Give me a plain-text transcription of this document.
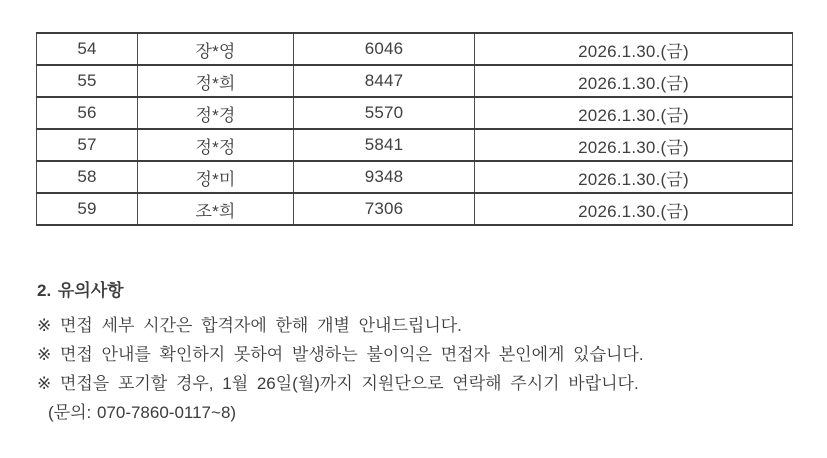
54	장*영	6046	2026.1.30.(금)
55	정*희	8447	2026.1.30.(금)
56	정*경	5570	2026.1.30.(금)
57	정*정	5841	2026.1.30.(금)
58	정*미	9348	2026.1.30.(금)
59	조*희	7306	2026.1.30.(금)
2. 유의사항
※ 면접 세부 시간은 합격자에 한해 개별 안내드립니다.
※ 면접 안내를 확인하지 못하여 발생하는 불이익은 면접자 본인에게 있습니다.
※ 면접을 포기할 경우, 1월 26일(월)까지 지원단으로 연락해 주시기 바랍니다.
(문의: 070-7860-0117~8)
